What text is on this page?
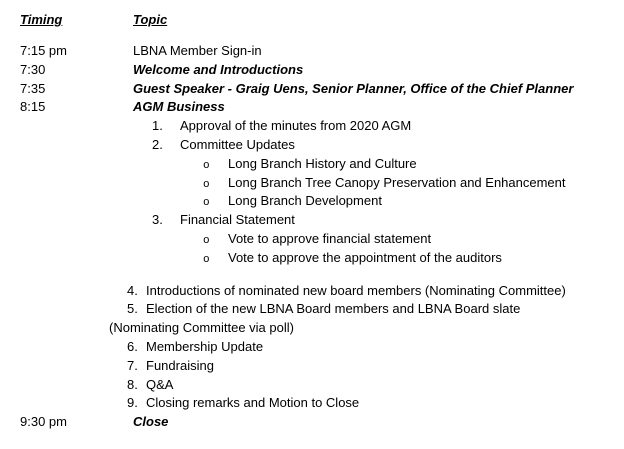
Timing	Topic
7:15 pm	LBNA Member Sign-in
7:30	Welcome and Introductions
7:35	Guest Speaker - Graig Uens, Senior Planner, Office of the Chief Planner
8:15	AGM Business
1. Approval of the minutes from 2020 AGM
2. Committee Updates
o Long Branch History and Culture
o Long Branch Tree Canopy Preservation and Enhancement
o Long Branch Development
3. Financial Statement
o Vote to approve financial statement
o Vote to approve the appointment of the auditors
4. Introductions of nominated new board members (Nominating Committee)
5. Election of the new LBNA Board members and LBNA Board slate
(Nominating Committee via poll)
6. Membership Update
7. Fundraising
8. Q&A
9. Closing remarks and Motion to Close
9:30 pm	Close
